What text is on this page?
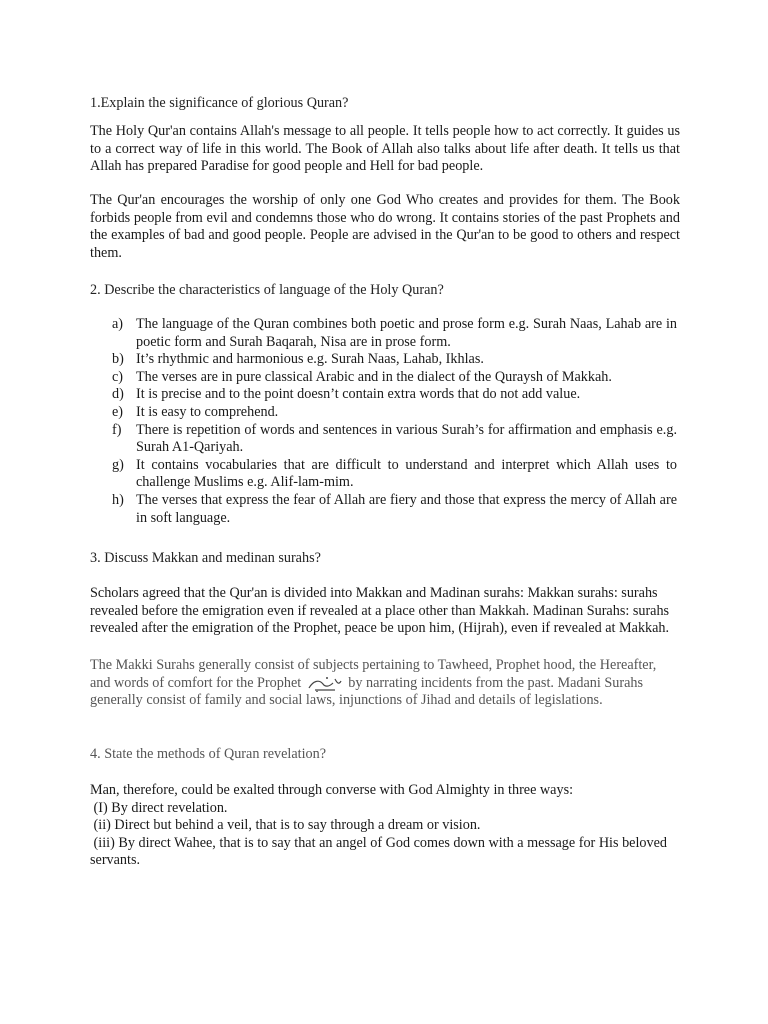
1.Explain the significance of glorious Quran?

The Holy Qur'an contains Allah's message to all people. It tells people how to act correctly. It guides us to a correct way of life in this world. The Book of Allah also talks about life after death. It tells us that Allah has prepared Paradise for good people and Hell for bad people.

The Qur'an encourages the worship of only one God Who creates and provides for them. The Book forbids people from evil and condemns those who do wrong. It contains stories of the past Prophets and the examples of bad and good people. People are advised in the Qur'an to be good to others and respect them.

2. Describe the characteristics of language of the Holy Quran?

a) The language of the Quran combines both poetic and prose form e.g. Surah Naas, Lahab are in poetic form and Surah Baqarah, Nisa are in prose form.
b) It’s rhythmic and harmonious e.g. Surah Naas, Lahab, Ikhlas.
c) The verses are in pure classical Arabic and in the dialect of the Quraysh of Makkah.
d) It is precise and to the point doesn’t contain extra words that do not add value.
e) It is easy to comprehend.
f)	There is repetition of words and sentences in various Surah’s for affirmation and emphasis e.g. Surah A1-Qariyah.
g) It contains vocabularies that are difficult to understand and interpret which Allah uses to challenge Muslims e.g. Alif-lam-mim.
h) The verses that express the fear of Allah are fiery and those that express the mercy of Allah are in soft language.

3. Discuss Makkan and medinan surahs?

Scholars agreed that the Qur'an is divided into Makkan and Madinan surahs: Makkan surahs: surahs revealed before the emigration even if revealed at a place other than Makkah. Madinan Surahs: surahs revealed after the emigration of the Prophet, peace be upon him, (Hijrah), even if revealed at Makkah.

The Makki Surahs generally consist of subjects pertaining to Tawheed, Prophet hood, the Hereafter, and words of comfort for the Prophet	by narrating incidents from the past. Madani Surahs generally consist of family and social laws, injunctions of Jihad and details of legislations.

4. State the methods of Quran revelation?

Man, therefore, could be exalted through converse with God Almighty in three ways:
(I) By direct revelation.
(ii) Direct but behind a veil, that is to say through a dream or vision.
(iii) By direct Wahee, that is to say that an angel of God comes down with a message for His beloved servants.
